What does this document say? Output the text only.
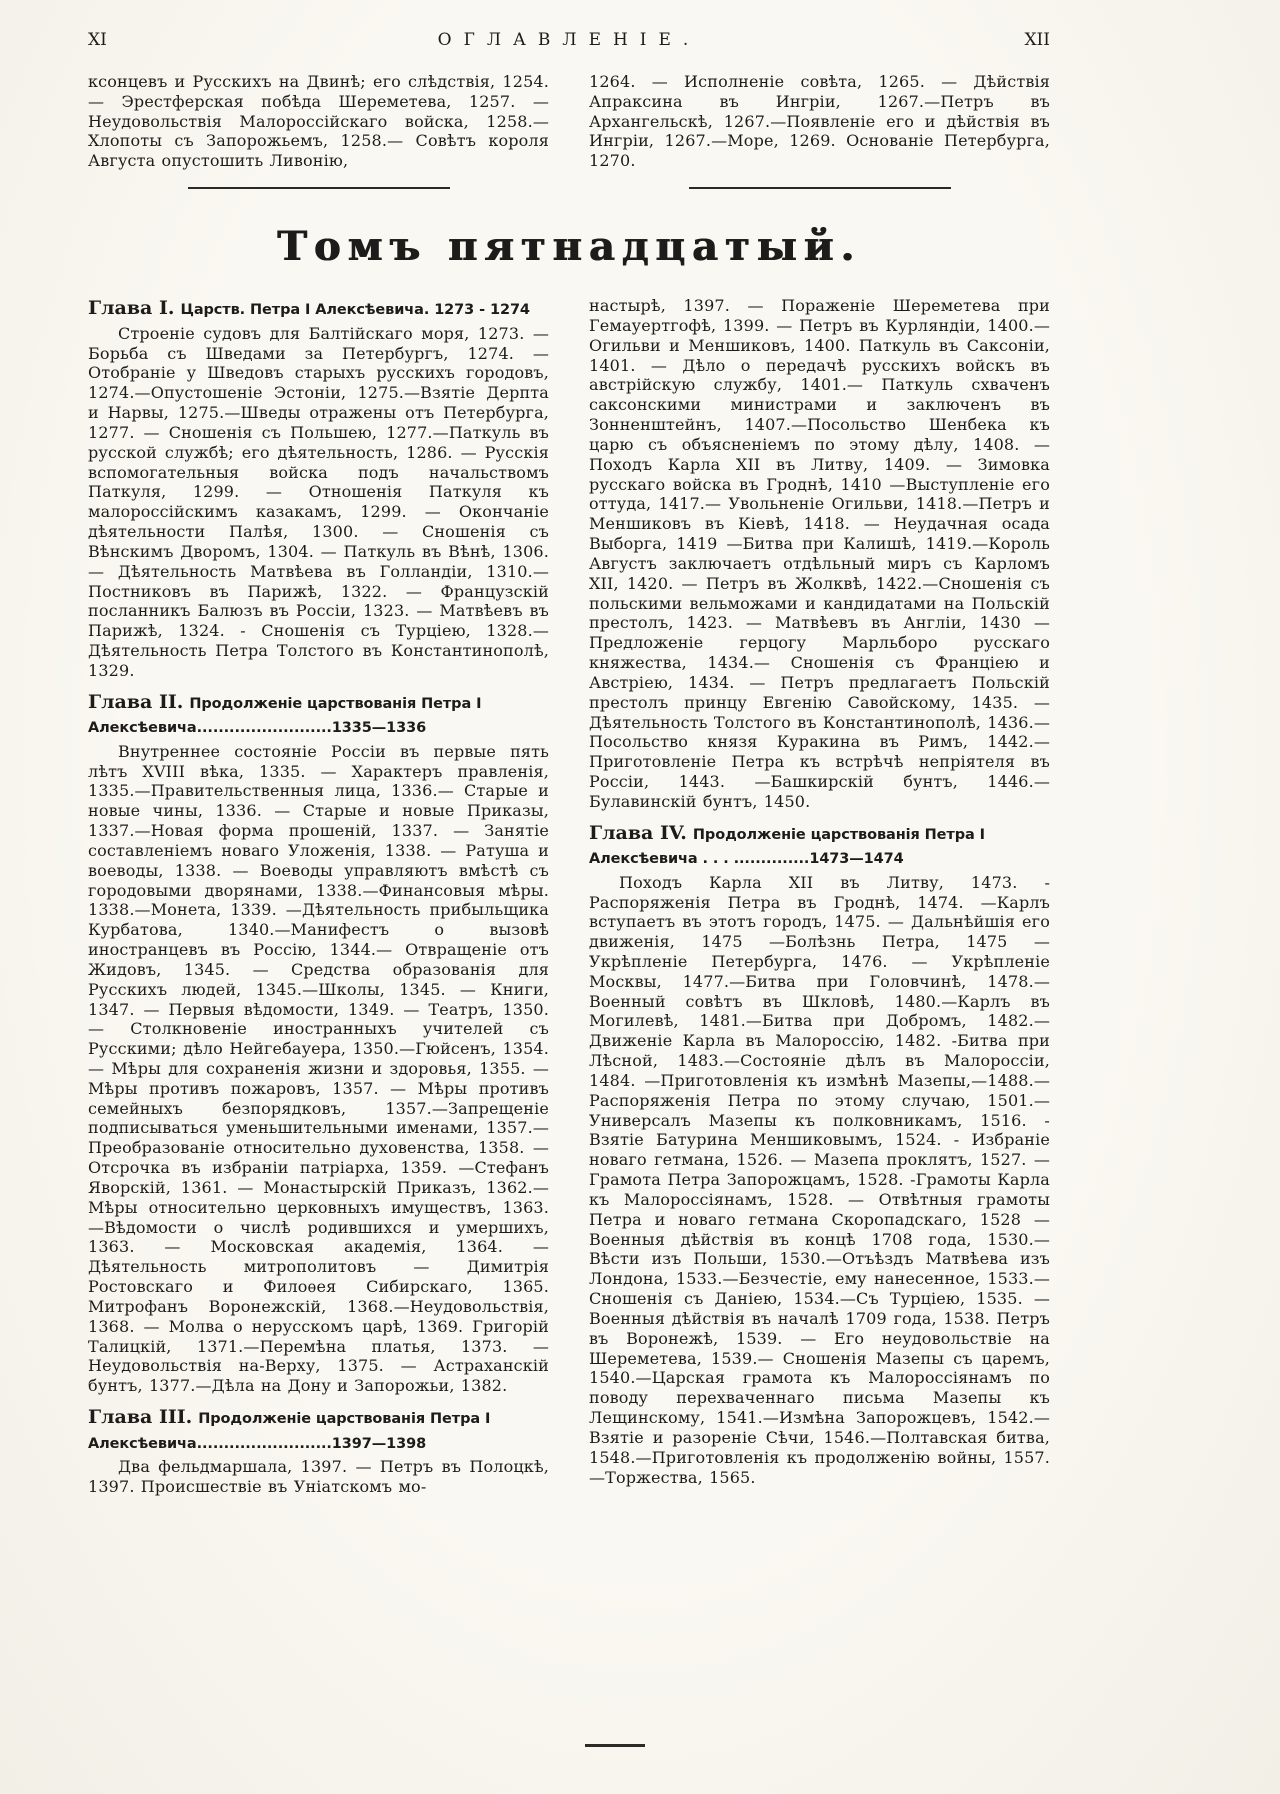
XI	ОГЛАВЛЕНІЕ.	XII

ксонцевъ и Русскихъ на Двинѣ; его слѣдствія, 1254. — Эрестферская побѣда Шереметева, 1257. — Неудовольствія Малороссійскаго войска, 1258.—Хлопоты съ Запорожьемъ, 1258.— Совѣтъ короля Августа опустошить Ливонію,

1264. — Исполненіе совѣта, 1265. — Дѣйствія Апраксина въ Ингріи, 1267.—Петръ въ Архангельскѣ, 1267.—Появленіе его и дѣйствія въ Ингріи, 1267.—Море, 1269. Основаніе Петербурга, 1270.

Томъ пятнадцатый.
Глава I. Царств. Петра I Алексѣевича. 1273 - 1274

Строеніе судовъ для Балтійскаго моря, 1273. — Борьба съ Шведами за Петербургъ, 1274. — Отобраніе у Шведовъ старыхъ русскихъ городовъ, 1274.—Опустошеніе Эстоніи, 1275.—Взятіе Дерпта и Нарвы, 1275.—Шведы отражены отъ Петербурга, 1277. — Сношенія съ Польшею, 1277.—Паткуль въ русской службѣ; его дѣятельность, 1286. — Русскія вспомогательныя войска подъ начальствомъ Паткуля, 1299. — Отношенія Паткуля къ малороссійскимъ казакамъ, 1299. — Окончаніе дѣятельности Палѣя, 1300. — Сношенія съ Вѣнскимъ Дворомъ, 1304. — Паткуль въ Вѣнѣ, 1306. — Дѣятельность Матвѣева въ Голландіи, 1310.— Постниковъ въ Парижѣ, 1322. — Французскій посланникъ Балюзъ въ Россіи, 1323. — Матвѣевъ въ Парижѣ, 1324. - Сношенія съ Турціею, 1328.—Дѣятельность Петра Толстого въ Константинополѣ, 1329.

Глава II. Продолженіе царствованія Петра I Алексѣевича.........................1335—1336

Внутреннее состояніе Россіи въ первые пять лѣтъ XVIII вѣка, 1335. — Характеръ правленія, 1335.—Правительственныя лица, 1336.— Старые и новые чины, 1336. — Старые и новые Приказы, 1337.—Новая форма прошеній, 1337. — Занятіе составленіемъ новаго Уложенія, 1338. — Ратуша и воеводы, 1338. — Воеводы управляютъ вмѣстѣ съ городовыми дворянами, 1338.—Финансовыя мѣры. 1338.—Монета, 1339. —Дѣятельность прибыльщика Курбатова, 1340.—Манифестъ о вызовѣ иностранцевъ въ Россію, 1344.— Отвращеніе отъ Жидовъ, 1345. — Средства образованія для Русскихъ людей, 1345.—Школы, 1345. — Книги, 1347. — Первыя вѣдомости, 1349. — Театръ, 1350. — Столкновеніе иностранныхъ учителей съ Русскими; дѣло Нейгебауера, 1350.—Гюйсенъ, 1354. — Мѣры для сохраненія жизни и здоровья, 1355. — Мѣры противъ пожаровъ, 1357. — Мѣры противъ семейныхъ безпорядковъ, 1357.—Запрещеніе подписываться уменьшительными именами, 1357.—Преобразованіе относительно духовенства, 1358. — Отсрочка въ избраніи патріарха, 1359. —Стефанъ Яворскій, 1361. — Монастырскій Приказъ, 1362.— Мѣры относительно церковныхъ имуществъ, 1363. —Вѣдомости о числѣ родившихся и умершихъ, 1363. — Московская академія, 1364. — Дѣятельность митрополитовъ — Димитрія Ростовскаго и Филоѳея Сибирскаго, 1365. Митрофанъ Воронежскій, 1368.—Неудовольствія, 1368. — Молва о нерусскомъ царѣ, 1369. Григорій Талицкій, 1371.—Перемѣна платья, 1373. — Неудовольствія на-Верху, 1375. — Астраханскій бунтъ, 1377.—Дѣла на Дону и Запорожьи, 1382.

Глава III. Продолженіе царствованія Петра I Алексѣевича.........................1397—1398

Два фельдмаршала, 1397. — Петръ въ Полоцкѣ, 1397. Происшествіе въ Уніатскомъ мо-

настырѣ, 1397. — Пораженіе Шереметева при Гемауертгофѣ, 1399. — Петръ въ Курляндіи, 1400.—Огильви и Меншиковъ, 1400. Паткуль въ Саксоніи, 1401. — Дѣло о передачѣ русскихъ войскъ въ австрійскую службу, 1401.— Паткуль схваченъ саксонскими министрами и заключенъ въ Зонненштейнъ, 1407.—Посольство Шенбека къ царю съ объясненіемъ по этому дѣлу, 1408. — Походъ Карла XII въ Литву, 1409. — Зимовка русскаго войска въ Гроднѣ, 1410 —Выступленіе его оттуда, 1417.— Увольненіе Огильви, 1418.—Петръ и Меншиковъ въ Кіевѣ, 1418. — Неудачная осада Выборга, 1419 —Битва при Калишѣ, 1419.—Король Августъ заключаетъ отдѣльный миръ съ Карломъ XII, 1420. — Петръ въ Жолквѣ, 1422.—Сношенія съ польскими вельможами и кандидатами на Польскій престолъ, 1423. — Матвѣевъ въ Англіи, 1430 —Предложеніе герцогу Марльборо русскаго княжества, 1434.— Сношенія съ Франціею и Австріею, 1434. — Петръ предлагаетъ Польскій престолъ принцу Евгенію Савойскому, 1435. — Дѣятельность Толстого въ Константинополѣ, 1436.—Посольство князя Куракина въ Римъ, 1442.—Приготовленіе Петра къ встрѣчѣ непріятеля въ Россіи, 1443. —Башкирскій бунтъ, 1446.—Булавинскій бунтъ, 1450.

Глава IV. Продолженіе царствованія Петра I Алексѣевича . . . ..............1473—1474

Походъ Карла XII въ Литву, 1473. - Распоряженія Петра въ Гроднѣ, 1474. —Карлъ вступаетъ въ этотъ городъ, 1475. — Дальнѣйшія его движенія, 1475 —Болѣзнь Петра, 1475 — Укрѣпленіе Петербурга, 1476. — Укрѣпленіе Москвы, 1477.—Битва при Головчинѣ, 1478.— Военный совѣтъ въ Шкловѣ, 1480.—Карлъ въ Могилевѣ, 1481.—Битва при Добромъ, 1482.— Движеніе Карла въ Малороссію, 1482. -Битва при Лѣсной, 1483.—Состояніе дѣлъ въ Малороссіи, 1484. —Приготовленія къ измѣнѣ Мазепы,—1488.—Распоряженія Петра по этому случаю, 1501.—Универсалъ Мазепы къ полковникамъ, 1516. - Взятіе Батурина Меншиковымъ, 1524. - Избраніе новаго гетмана, 1526. — Мазепа проклятъ, 1527. — Грамота Петра Запорожцамъ, 1528. -Грамоты Карла къ Малороссіянамъ, 1528. — Отвѣтныя грамоты Петра и новаго гетмана Скоропадскаго, 1528 — Военныя дѣйствія въ концѣ 1708 года, 1530.— Вѣсти изъ Польши, 1530.—Отъѣздъ Матвѣева изъ Лондона, 1533.—Безчестіе, ему нанесенное, 1533.—Сношенія съ Даніею, 1534.—Съ Турціею, 1535. — Военныя дѣйствія въ началѣ 1709 года, 1538. Петръ въ Воронежѣ, 1539. — Его неудовольствіе на Шереметева, 1539.— Сношенія Мазепы съ царемъ, 1540.—Царская грамота къ Малороссіянамъ по поводу перехваченнаго письма Мазепы къ Лещинскому, 1541.—Измѣна Запорожцевъ, 1542.—Взятіе и разореніе Сѣчи, 1546.—Полтавская битва, 1548.—Приготовленія къ продолженію войны, 1557. —Торжества, 1565.
